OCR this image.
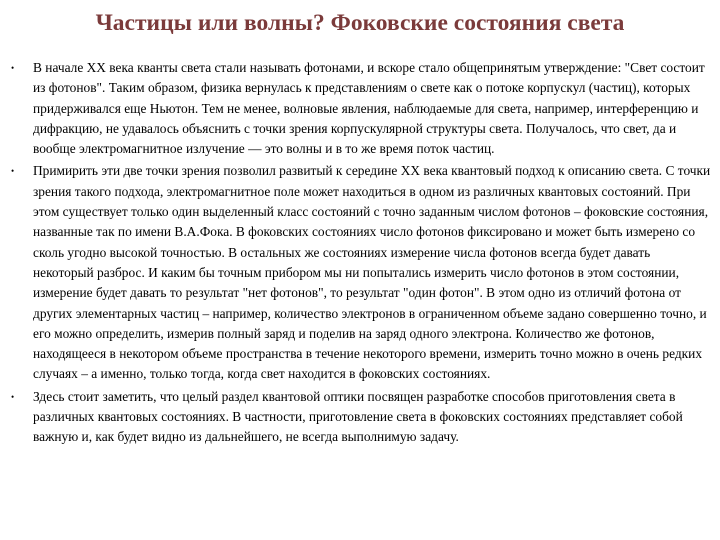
Частицы или волны? Фоковские состояния света
• В начале XX века кванты света стали называть фотонами, и вскоре стало общепринятым утверждение: "Свет состоит из фотонов". Таким образом, физика вернулась к представлениям о свете как о потоке корпускул (частиц), которых придерживался еще Ньютон. Тем не менее, волновые явления, наблюдаемые для света, например, интерференцию и дифракцию, не удавалось объяснить с точки зрения корпускулярной структуры света. Получалось, что свет, да и вообще электромагнитное излучение — это волны и в то же время поток частиц.
• Примирить эти две точки зрения позволил развитый к середине XX века квантовый подход к описанию света. С точки зрения такого подхода, электромагнитное поле может находиться в одном из различных квантовых состояний. При этом существует только один выделенный класс состояний с точно заданным числом фотонов – фоковские состояния, названные так по имени В.А.Фока. В фоковских состояниях число фотонов фиксировано и может быть измерено со сколь угодно высокой точностью. В остальных же состояниях измерение числа фотонов всегда будет давать некоторый разброс. И каким бы точным прибором мы ни попытались измерить число фотонов в этом состоянии, измерение будет давать то результат "нет фотонов", то результат "один фотон". В этом одно из отличий фотона от других элементарных частиц – например, количество электронов в ограниченном объеме задано совершенно точно, и его можно определить, измерив полный заряд и поделив на заряд одного электрона. Количество же фотонов, находящееся в некотором объеме пространства в течение некоторого времени, измерить точно можно в очень редких случаях – а именно, только тогда, когда свет находится в фоковских состояниях.
• Здесь стоит заметить, что целый раздел квантовой оптики посвящен разработке способов приготовления света в различных квантовых состояниях. В частности, приготовление света в фоковских состояниях представляет собой важную и, как будет видно из дальнейшего, не всегда выполнимую задачу.
